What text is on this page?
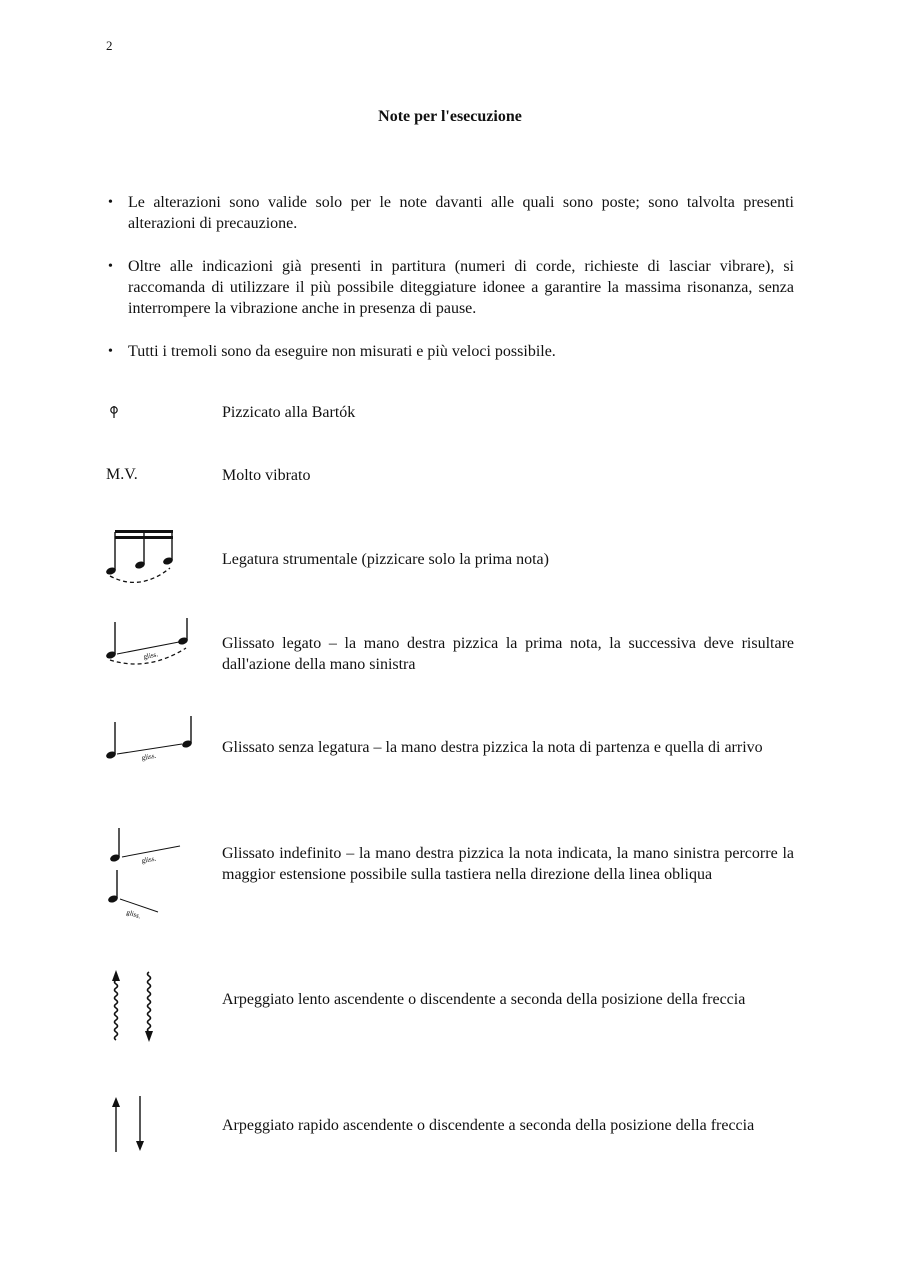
2
Note per l'esecuzione
• Le alterazioni sono valide solo per le note davanti alle quali sono poste; sono talvolta presenti alterazioni di precauzione.
• Oltre alle indicazioni già presenti in partitura (numeri di corde, richieste di lasciar vibrare), si raccomanda di utilizzare il più possibile diteggiature idonee a garantire la massima risonanza, senza interrompere la vibrazione anche in presenza di pause.
• Tutti i tremoli sono da eseguire non misurati e più veloci possibile.
Pizzicato alla Bartók
M.V.	Molto vibrato
Legatura strumentale (pizzicare solo la prima nota)
gliss.
Glissato legato – la mano destra pizzica la prima nota, la successiva deve risultare dall'azione della mano sinistra
gliss.
Glissato senza legatura – la mano destra pizzica la nota di partenza e quella di arrivo
gliss.
gliss.
Glissato indefinito – la mano destra pizzica la nota indicata, la mano sinistra percorre la maggior estensione possibile sulla tastiera nella direzione della linea obliqua
Arpeggiato lento ascendente o discendente a seconda della posizione della freccia
Arpeggiato rapido ascendente o discendente a seconda della posizione della freccia
